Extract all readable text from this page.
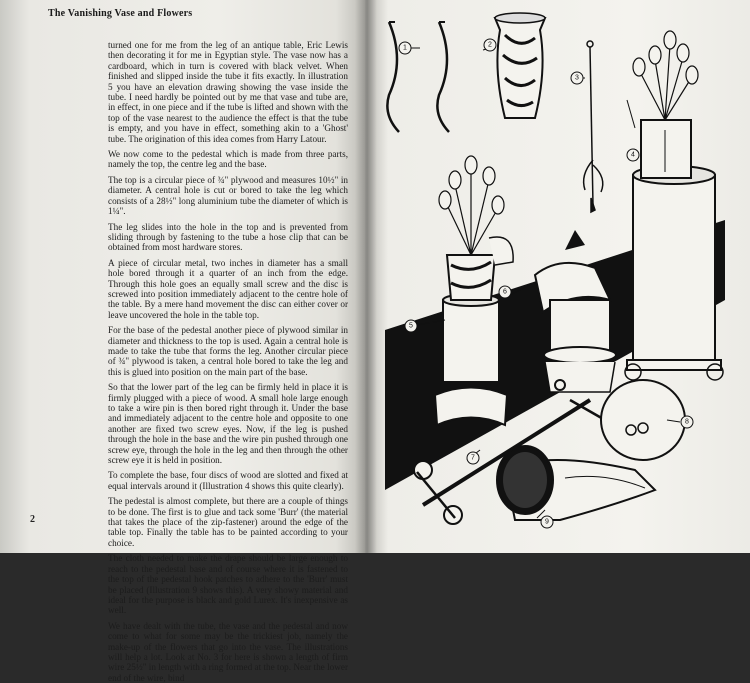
The Vanishing Vase and Flowers

turned one for me from the leg of an antique table, Eric Lewis then decorating it for me in Egyptian style. The vase now has a cardboard, which in turn is covered with black velvet. When finished and slipped inside the tube it fits exactly. In illustration 5 you have an elevation drawing showing the vase inside the tube. I need hardly be pointed out by me that vase and tube are, in effect, in one piece and if the tube is lifted and shown with the top of the vase nearest to the audience the effect is that the tube is empty, and you have in effect, something akin to a 'Ghost' tube. The origination of this idea comes from Harry Latour.

We now come to the pedestal which is made from three parts, namely the top, the centre leg and the base.

The top is a circular piece of ¾" plywood and measures 10½" in diameter. A central hole is cut or bored to take the leg which consists of a 28½" long aluminium tube the diameter of which is 1¼".

The leg slides into the hole in the top and is prevented from sliding through by fastening to the tube a hose clip that can be obtained from most hardware stores.

A piece of circular metal, two inches in diameter has a small hole bored through it a quarter of an inch from the edge. Through this hole goes an equally small screw and the disc is screwed into position immediately adjacent to the centre hole of the table. By a mere hand movement the disc can either cover or leave uncovered the hole in the table top.

For the base of the pedestal another piece of plywood similar in diameter and thickness to the top is used. Again a central hole is made to take the tube that forms the leg. Another circular piece of ¾" plywood is taken, a central hole bored to take the leg and this is glued into position on the main part of the base.

So that the lower part of the leg can be firmly held in place it is firmly plugged with a piece of wood. A small hole large enough to take a wire pin is then bored right through it. Under the base and immediately adjacent to the centre hole and opposite to one another are fixed two screw eyes. Now, if the leg is pushed through the hole in the base and the wire pin pushed through one screw eye, through the hole in the leg and then through the other screw eye it is held in position.

To complete the base, four discs of wood are slotted and fixed at equal intervals around it (Illustration 4 shows this quite clearly).

The pedestal is almost complete, but there are a couple of things to be done. The first is to glue and tack some 'Burr' (the material that takes the place of the zip-fastener) around the edge of the table top. Finally the table has to be painted according to your choice.

The cloth needed to make the drape should be large enough to reach to the pedestal base and of course where it is fastened to the top of the pedestal hook patches to adhere to the 'Burr' must be placed (Illustration 9 shows this). A very showy material and ideal for the purpose is black and gold Lurex. It's inexpensive as well.

We have dealt with the tube, the vase and the pedestal and now come to what for some may be the trickiest job, namely the make-up of the flowers that go into the vase. The illustrations will help a lot. Look at No. 3 for here is shown a length of firm wire 25½" in length with a ring formed at the top. Near the lower end of the wire, bind

2
1	2
3
4
5
6
7
8
9
